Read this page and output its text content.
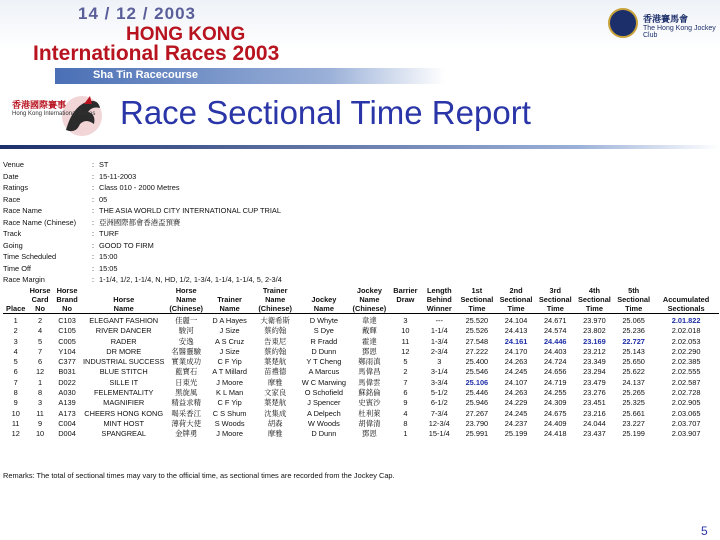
14 / 12 / 2003
HONG KONG
International Races 2003
Sha Tin Racecourse
香港賽馬會
The Hong Kong Jockey Club
香港國際賽事
Hong Kong International Races Race Sectional Time Report
Venue	: ST
Date	: 15-11-2003
Ratings	: Class 010 - 2000 Metres
Race	: 05
Race Name	: THE ASIA WORLD CITY INTERNATIONAL CUP TRIAL
Race Name (Chinese)	: 亞洲國際都會香港盃預賽
Track	: TURF
Going	: GOOD TO FIRM
Time Scheduled	: 15:00
Time Off	: 15:05
Race Margin	: 1-1/4, 1/2, 1-1/4, N, HD, 1/2, 1-3/4, 1-1/4, 1-1/4, 5, 2-3/4
	Horse	Horse		Horse		Trainer		Jockey	Barrier	Length	1st	2nd	3rd	4th	5th	
	Card	Brand	Horse	Name	Trainer	Name	Jockey	Name	Draw	Behind	Sectional	Sectional	Sectional	Sectional	Sectional	Accumulated
Place	No	No	Name	(Chinese)	Name	(Chinese)	Name	(Chinese)		Winner	Time	Time	Time	Time	Time	Sectionals
1	2	C103	ELEGANT FASHION	佳麗一	D A Hayes	大衛希斯	D Whyte	韋達	3	---	25.520	24.104	24.671	23.970	25.065	2.01.822
2	4	C105	RIVER DANCER	駿河	J Size	蔡約翰	S Dye	戴輝	10	1-1/4	25.526	24.413	24.574	23.802	25.236	2.02.018
3	5	C005	RADER	安逸	A S Cruz	告東尼	R Fradd	霍達	11	1-3/4	27.548	24.161	24.446	23.169	22.727	2.02.053
4	7	Y104	DR MORE	名醫靈驗	J Size	蔡約翰	D Dunn	鄧恩	12	2-3/4	27.222	24.170	24.403	23.212	25.143	2.02.290
5	6	C377	INDUSTRIAL SUCCESS	實業成功	C F Yip	葉楚航	Y T Cheng	鄭雨滇	5	3	25.400	24.263	24.724	23.349	25.650	2.02.385
6	12	B031	BLUE STITCH	藍寶石	A T Millard	苗禮德	A Marcus	馬偉昌	2	3-1/4	25.546	24.245	24.656	23.294	25.622	2.02.555
7	1	D022	SILLE IT	日東光	J Moore	摩雅	W C Marwing	馬偉雲	7	3-3/4	25.106	24.107	24.719	23.479	24.137	2.02.587
8	8	A030	FELEMENTALITY	黑旋風	K L Man	文家良	O Schofield	蘇銘倫	6	5-1/2	25.446	24.263	24.255	23.276	25.265	2.02.728
9	3	A139	MAGNIFIER	精益求精	C F Yip	葉楚航	J Spencer	史賓沙	9	6-1/2	25.946	24.229	24.309	23.451	25.325	2.02.905
10	11	A173	CHEERS HONG KONG	喝采香江	C S Shum	沈集成	A Delpech	杜利萊	4	7-3/4	27.267	24.245	24.675	23.216	25.661	2.03.065
11	9	C004	MINT HOST	薄荷大使	S Woods	胡森	W Woods	胡偉清	8	12-3/4	23.790	24.237	24.409	24.044	23.227	2.03.707
12	10	D004	SPANGREAL	金牌勇	J Moore	摩雅	D Dunn	鄧恩	1	15-1/4	25.991	25.199	24.418	23.437	25.199	2.03.907
Remarks: The total of sectional times may vary to the official time, as sectional times are recorded from the Jockey Cap.
5
